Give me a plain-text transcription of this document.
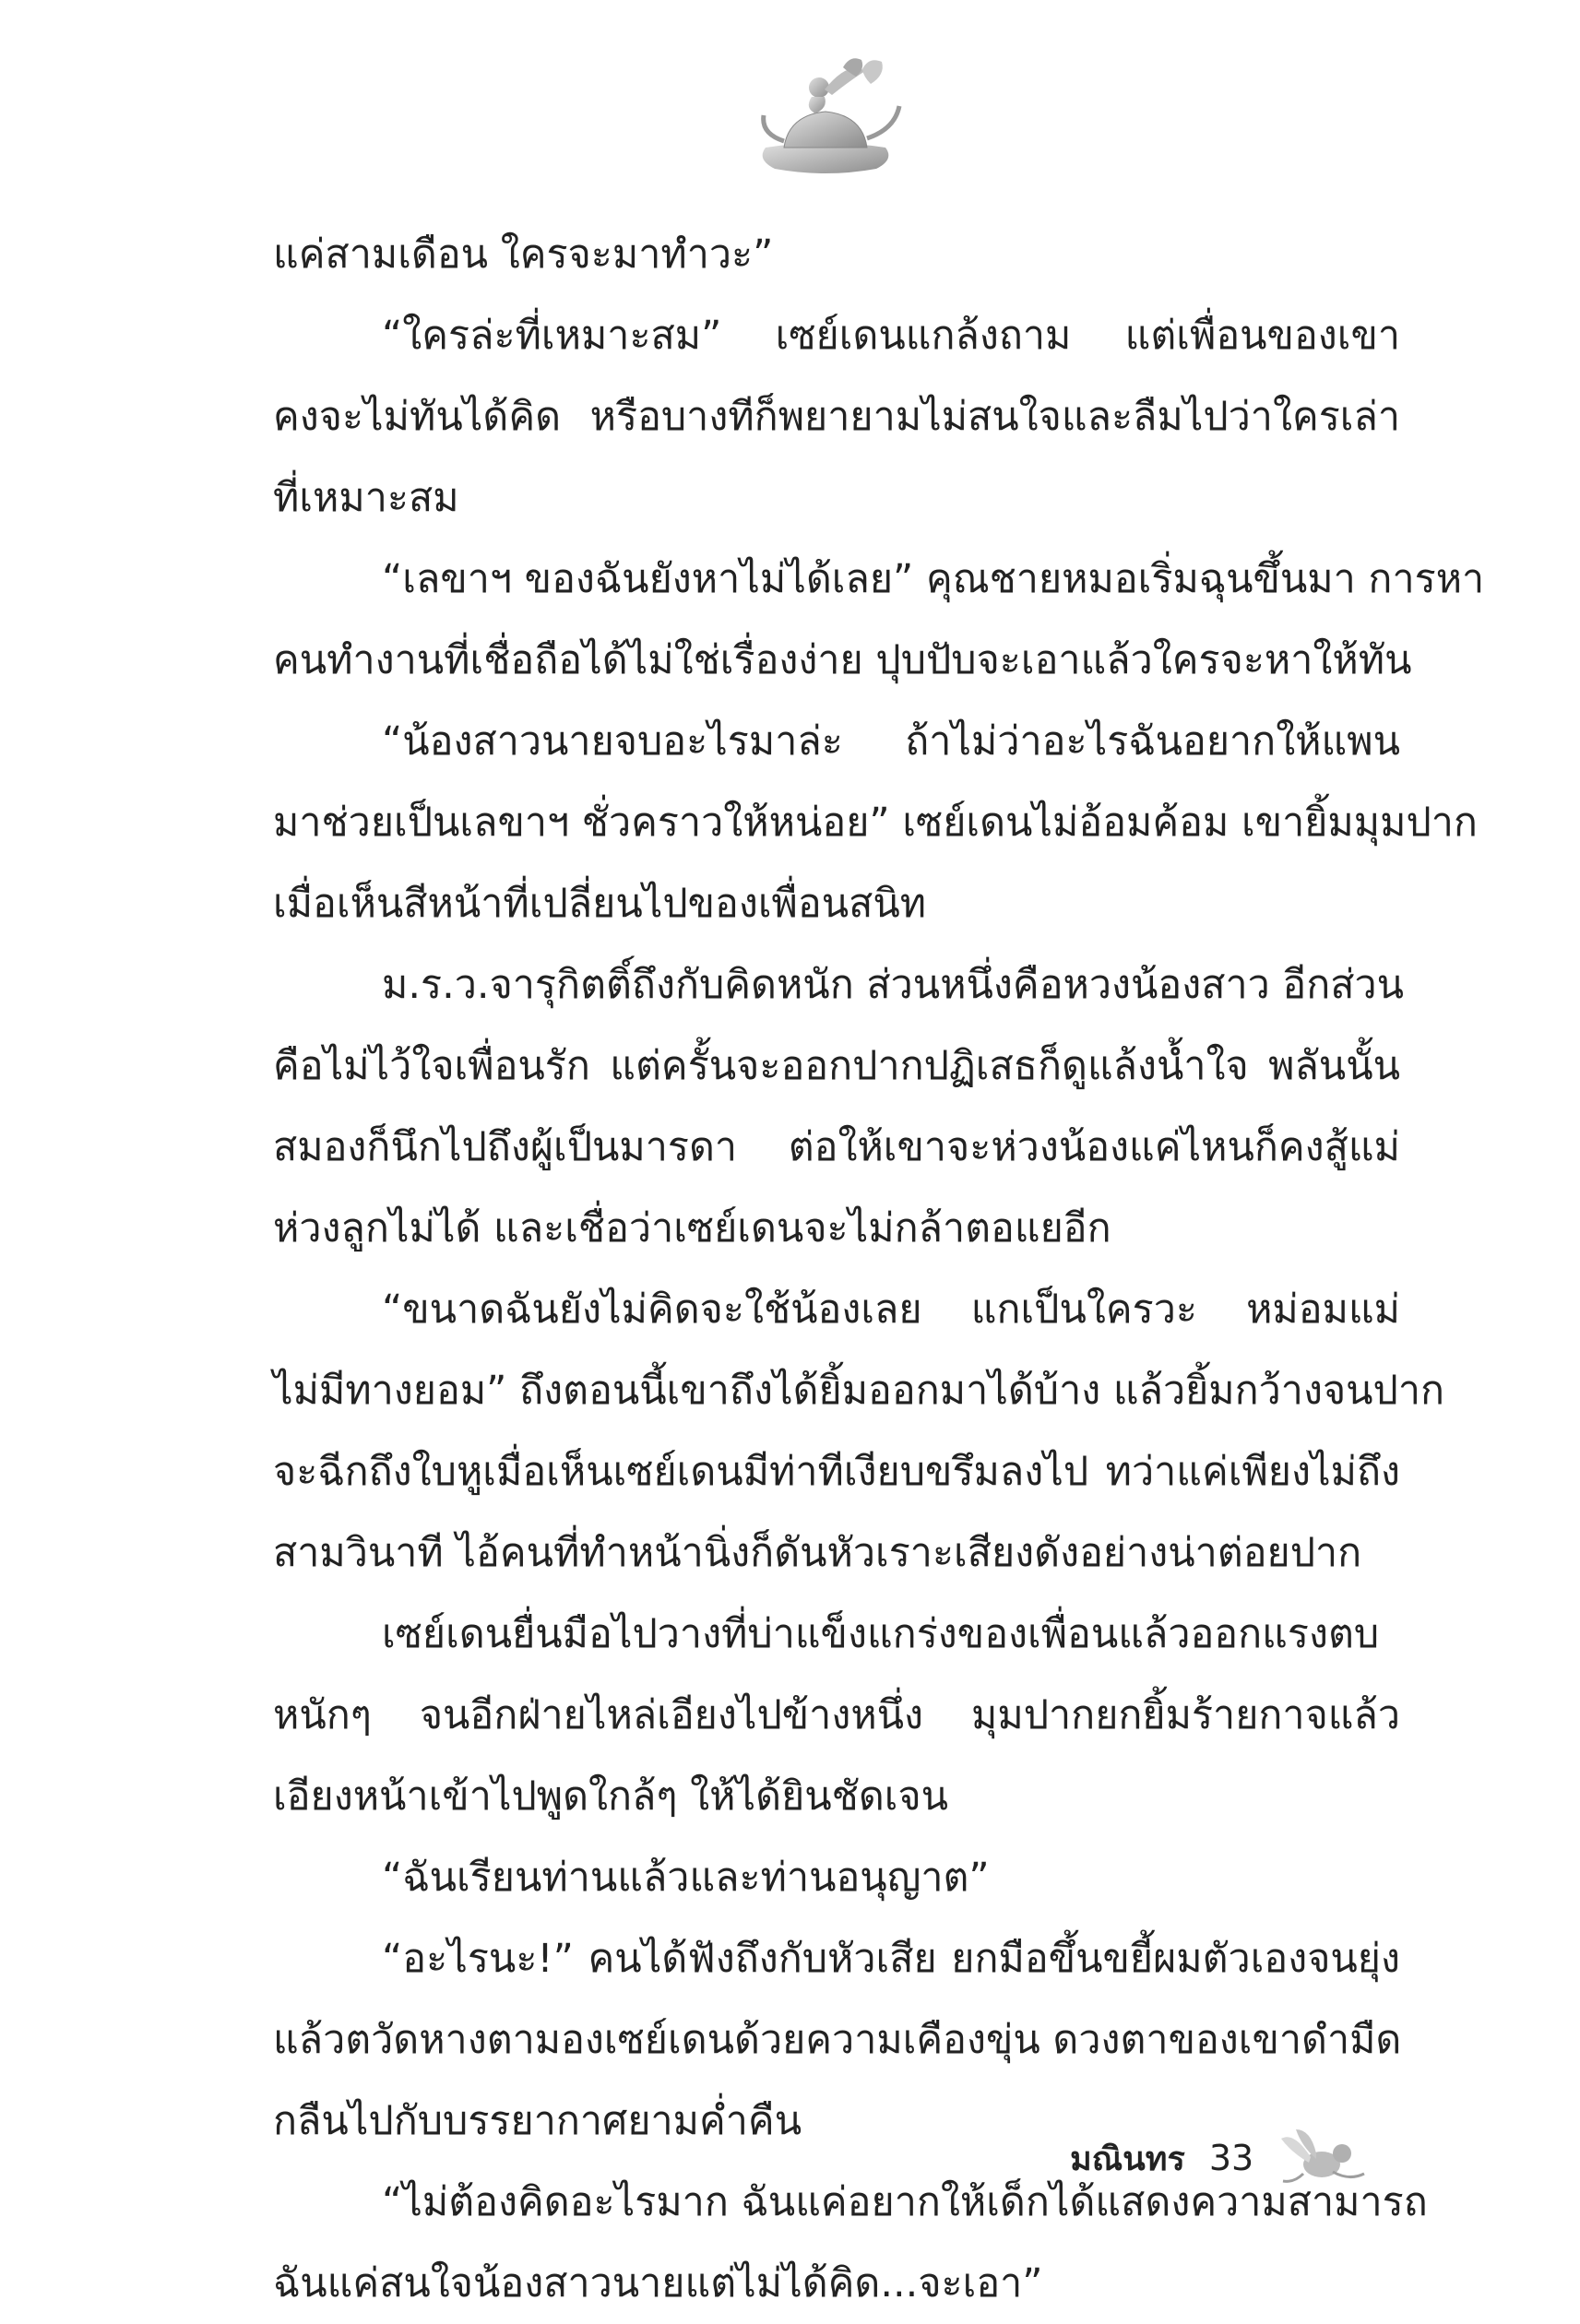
แค่สามเดือน ใครจะมาทำวะ”
“ใครล่ะที่เหมาะสม” เซย์เดนแกล้งถาม แต่เพื่อนของเขา
คงจะไม่ทันได้คิด หรือบางทีก็พยายามไม่สนใจและลืมไปว่าใครเล่า
ที่เหมาะสม
“เลขาฯ ของฉันยังหาไม่ได้เลย” คุณชายหมอเริ่มฉุนขึ้นมา การหา
คนทำงานที่เชื่อถือได้ไม่ใช่เรื่องง่าย ปุบปับจะเอาแล้วใครจะหาให้ทัน
“น้องสาวนายจบอะไรมาล่ะ ถ้าไม่ว่าอะไรฉันอยากให้แพน
มาช่วยเป็นเลขาฯ ชั่วคราวให้หน่อย” เซย์เดนไม่อ้อมค้อม เขายิ้มมุมปาก
เมื่อเห็นสีหน้าที่เปลี่ยนไปของเพื่อนสนิท
ม.ร.ว.จารุกิตติ์ถึงกับคิดหนัก ส่วนหนึ่งคือหวงน้องสาว อีกส่วน
คือไม่ไว้ใจเพื่อนรัก แต่ครั้นจะออกปากปฏิเสธก็ดูแล้งน้ำใจ พลันนั้น
สมองก็นึกไปถึงผู้เป็นมารดา ต่อให้เขาจะห่วงน้องแค่ไหนก็คงสู้แม่
ห่วงลูกไม่ได้ และเชื่อว่าเซย์เดนจะไม่กล้าตอแยอีก
“ขนาดฉันยังไม่คิดจะใช้น้องเลย แกเป็นใครวะ หม่อมแม่
ไม่มีทางยอม” ถึงตอนนี้เขาถึงได้ยิ้มออกมาได้บ้าง แล้วยิ้มกว้างจนปาก
จะฉีกถึงใบหูเมื่อเห็นเซย์เดนมีท่าทีเงียบขรึมลงไป ทว่าแค่เพียงไม่ถึง
สามวินาที ไอ้คนที่ทำหน้านิ่งก็ดันหัวเราะเสียงดังอย่างน่าต่อยปาก
เซย์เดนยื่นมือไปวางที่บ่าแข็งแกร่งของเพื่อนแล้วออกแรงตบ
หนักๆ จนอีกฝ่ายไหล่เอียงไปข้างหนึ่ง มุมปากยกยิ้มร้ายกาจแล้ว
เอียงหน้าเข้าไปพูดใกล้ๆ ให้ได้ยินชัดเจน
“ฉันเรียนท่านแล้วและท่านอนุญาต”
“อะไรนะ!” คนได้ฟังถึงกับหัวเสีย ยกมือขึ้นขยี้ผมตัวเองจนยุ่ง
แล้วตวัดหางตามองเซย์เดนด้วยความเคืองขุ่น ดวงตาของเขาดำมืด
กลืนไปกับบรรยากาศยามค่ำคืน
“ไม่ต้องคิดอะไรมาก ฉันแค่อยากให้เด็กได้แสดงความสามารถ
ฉันแค่สนใจน้องสาวนายแต่ไม่ได้คิด...จะเอา”
มณินทร 33
